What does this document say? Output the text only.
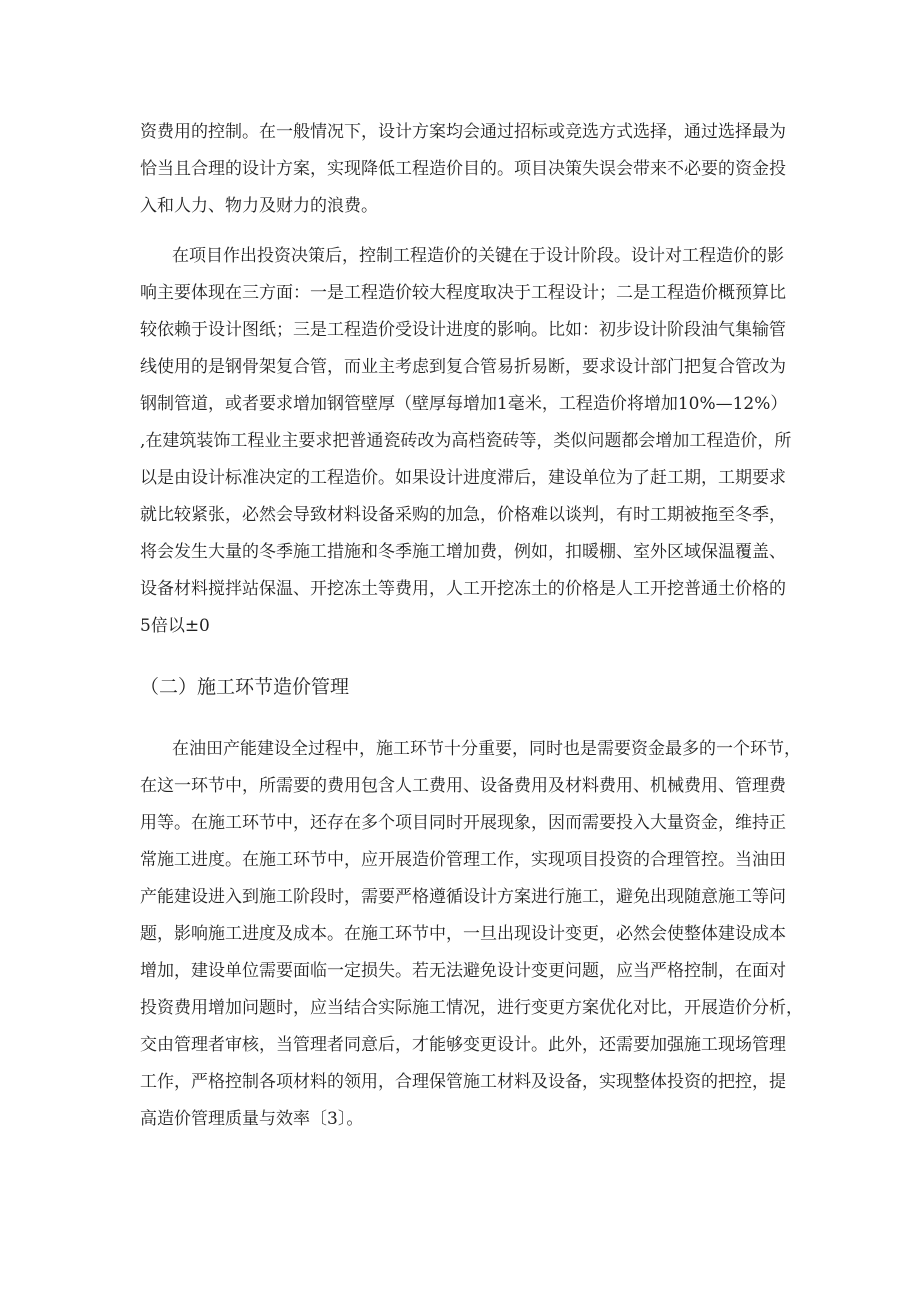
资费用的控制。在一般情况下，设计方案均会通过招标或竞选方式选择，通过选择最为
恰当且合理的设计方案，实现降低工程造价目的。项目决策失误会带来不必要的资金投
入和人力、物力及财力的浪费。
在项目作出投资决策后，控制工程造价的关键在于设计阶段。设计对工程造价的影
响主要体现在三方面：一是工程造价较大程度取决于工程设计；二是工程造价概预算比
较依赖于设计图纸；三是工程造价受设计进度的影响。比如：初步设计阶段油气集输管
线使用的是钢骨架复合管，而业主考虑到复合管易折易断，要求设计部门把复合管改为
钢制管道，或者要求增加钢管壁厚（壁厚每增加1毫米，工程造价将增加10%—12%）
,在建筑装饰工程业主要求把普通瓷砖改为高档瓷砖等，类似问题都会增加工程造价，所
以是由设计标准决定的工程造价。如果设计进度滞后，建设单位为了赶工期，工期要求
就比较紧张，必然会导致材料设备采购的加急，价格难以谈判，有时工期被拖至冬季，
将会发生大量的冬季施工措施和冬季施工增加费，例如，扣暖棚、室外区域保温覆盖、
设备材料搅拌站保温、开挖冻土等费用，人工开挖冻土的价格是人工开挖普通土价格的
5倍以±0
（二）施工环节造价管理
在油田产能建设全过程中，施工环节十分重要，同时也是需要资金最多的一个环节，
在这一环节中，所需要的费用包含人工费用、设备费用及材料费用、机械费用、管理费
用等。在施工环节中，还存在多个项目同时开展现象，因而需要投入大量资金，维持正
常施工进度。在施工环节中，应开展造价管理工作，实现项目投资的合理管控。当油田
产能建设进入到施工阶段时，需要严格遵循设计方案进行施工，避免出现随意施工等问
题，影响施工进度及成本。在施工环节中，一旦出现设计变更，必然会使整体建设成本
增加，建设单位需要面临一定损失。若无法避免设计变更问题，应当严格控制，在面对
投资费用增加问题时，应当结合实际施工情况，进行变更方案优化对比，开展造价分析，
交由管理者审核，当管理者同意后，才能够变更设计。此外，还需要加强施工现场管理
工作，严格控制各项材料的领用，合理保管施工材料及设备，实现整体投资的把控，提
高造价管理质量与效率〔3〕。
